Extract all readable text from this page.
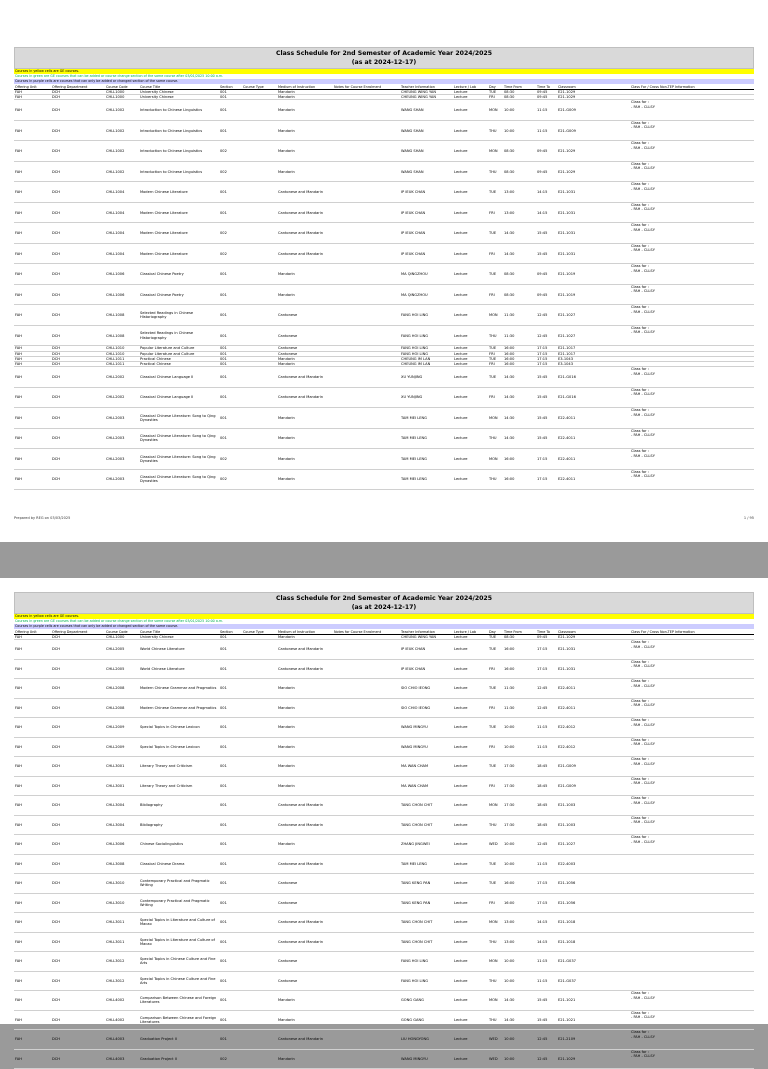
Class Schedule for 2nd Semester of Academic Year 2024/2025
(as at 2024-12-17)
Courses in yellow cells are GE courses.
Courses in green are GE courses that can be added or course change section of the same course after 03/01/2025 10:00 a.m.
Courses in purple cells are courses that can only be added or changed section of the same course.
Offering Unit	Offering Department	Course Code	Course Title	Section	Course Type	Medium of Instruction	Notes for Course Enrolment	Teacher Information	Lecture / Lab	Day	Time From	Time To	Classroom	Class For / Cross Non-TEP Information
FAH	DCH	CHLL1000	University Chinese	001		Mandarin		CHEUNG WING YAN	Lecture	TUE	08:30	09:45	E21-1029	
FAH	DCH	CHLL1000	University Chinese	001		Mandarin		CHEUNG WING YAN	Lecture	FRI	08:30	09:45	E21-1029	
FAH	DCH	CHLL1002	Introduction to Chinese Linguistics	001		Mandarin		WANG SHAN	Lecture	MON	10:00	11:15	E21-G009	Class for :
- FAH - CLLSY

FAH	DCH	CHLL1002	Introduction to Chinese Linguistics	001		Mandarin		WANG SHAN	Lecture	THU	10:00	11:15	E21-G009	Class for :
- FAH - CLLSY

FAH	DCH	CHLL1002	Introduction to Chinese Linguistics	002		Mandarin		WANG SHAN	Lecture	MON	08:30	09:45	E21-1029	Class for :
- FAH - CLLSY

FAH	DCH	CHLL1002	Introduction to Chinese Linguistics	002		Mandarin		WANG SHAN	Lecture	THU	08:30	09:45	E21-1029	Class for :
- FAH - CLLSY

FAH	DCH	CHLL1004	Modern Chinese Literature	001		Cantonese and Mandarin		IP IEUK CHAN	Lecture	TUE	13:00	14:15	E21-1031	Class for :
- FAH - CLLSY

FAH	DCH	CHLL1004	Modern Chinese Literature	001		Cantonese and Mandarin		IP IEUK CHAN	Lecture	FRI	13:00	14:15	E21-1031	Class for :
- FAH - CLLSY

FAH	DCH	CHLL1004	Modern Chinese Literature	002		Cantonese and Mandarin		IP IEUK CHAN	Lecture	TUE	14:30	15:45	E21-1031	Class for :
- FAH - CLLSY

FAH	DCH	CHLL1004	Modern Chinese Literature	002		Cantonese and Mandarin		IP IEUK CHAN	Lecture	FRI	14:30	15:45	E21-1031	Class for :
- FAH - CLLSY

FAH	DCH	CHLL1006	Classical Chinese Poetry	001		Mandarin		MA QINGZHOU	Lecture	TUE	08:30	09:45	E21-1019	Class for :
- FAH - CLLSY

FAH	DCH	CHLL1006	Classical Chinese Poetry	001		Mandarin		MA QINGZHOU	Lecture	FRI	08:30	09:45	E21-1019	Class for :
- FAH - CLLSY

FAH	DCH	CHLL1008	Selected Readings in Chinese Historiography	001		Cantonese		FANG HOI LING	Lecture	MON	11:30	12:45	E21-1027	Class for :
- FAH - CLLSY

FAH	DCH	CHLL1008	Selected Readings in Chinese Historiography	001		Cantonese		FANG HOI LING	Lecture	THU	11:30	12:45	E21-1027	Class for :
- FAH - CLLSY

FAH	DCH	CHLL1010	Popular Literature and Culture	001		Cantonese		FANG HOI LING	Lecture	TUE	16:00	17:15	E21-1017	
FAH	DCH	CHLL1010	Popular Literature and Culture	001		Cantonese		FANG HOI LING	Lecture	FRI	16:00	17:15	E21-1017	
FAH	DCH	CHLL1011	Practical Chinese	001		Mandarin		CHEUNG IM LAN	Lecture	TUE	16:00	17:15	E3-1043	
FAH	DCH	CHLL1011	Practical Chinese	001		Mandarin		CHEUNG IM LAN	Lecture	FRI	16:00	17:15	E3-1043	
FAH	DCH	CHLL2002	Classical Chinese Language II	001		Cantonese and Mandarin		XU YUNJING	Lecture	TUE	14:30	15:45	E21-G016	Class for :
- FAH - CLLSY

FAH	DCH	CHLL2002	Classical Chinese Language II	001		Cantonese and Mandarin		XU YUNJING	Lecture	FRI	14:30	15:45	E21-G016	Class for :
- FAH - CLLSY

FAH	DCH	CHLL2003	Classical Chinese Literature: Song to Qing Dynasties	001		Mandarin		TAM MEI LENG	Lecture	MON	14:30	15:45	E22-4011	Class for :
- FAH - CLLSY

FAH	DCH	CHLL2003	Classical Chinese Literature: Song to Qing Dynasties	001		Mandarin		TAM MEI LENG	Lecture	THU	14:30	15:45	E22-4011	Class for :
- FAH - CLLSY

FAH	DCH	CHLL2003	Classical Chinese Literature: Song to Qing Dynasties	002		Mandarin		TAM MEI LENG	Lecture	MON	16:00	17:15	E22-4011	Class for :
- FAH - CLLSY

FAH	DCH	CHLL2003	Classical Chinese Literature: Song to Qing Dynasties	002		Mandarin		TAM MEI LENG	Lecture	THU	16:00	17:15	E22-4011	Class for :
- FAH - CLLSY
Prepared by REG on 03/03/2025	1 / 95
Class Schedule for 2nd Semester of Academic Year 2024/2025
(as at 2024-12-17)
Courses in yellow cells are GE courses.
Courses in green are GE courses that can be added or course change section of the same course after 03/01/2025 10:00 a.m.
Courses in purple cells are courses that can only be added or changed section of the same course.
Offering Unit	Offering Department	Course Code	Course Title	Section	Course Type	Medium of Instruction	Notes for Course Enrolment	Teacher Information	Lecture / Lab	Day	Time From	Time To	Classroom	Class For / Cross Non-TEP Information
FAH	DCH	CHLL1000	University Chinese	001		Mandarin		CHEUNG WING YAN	Lecture	TUE	08:30	09:45	E21-1029	
FAH	DCH	CHLL2005	World Chinese Literature	001		Cantonese and Mandarin		IP IEUK CHAN	Lecture	TUE	16:00	17:15	E21-1031	Class for :
- FAH - CLLSY

FAH	DCH	CHLL2005	World Chinese Literature	001		Cantonese and Mandarin		IP IEUK CHAN	Lecture	FRI	16:00	17:15	E21-1031	Class for :
- FAH - CLLSY

FAH	DCH	CHLL2008	Modern Chinese Grammar and Pragmatics	001		Mandarin		SIO CHIO IEONG	Lecture	TUE	11:30	12:45	E22-4011	Class for :
- FAH - CLLSY

FAH	DCH	CHLL2008	Modern Chinese Grammar and Pragmatics	001		Mandarin		SIO CHIO IEONG	Lecture	FRI	11:30	12:45	E22-4011	Class for :
- FAH - CLLSY

FAH	DCH	CHLL2009	Special Topics in Chinese Lexicon	001		Mandarin		WANG MINGYU	Lecture	TUE	10:00	11:15	E22-4012	Class for :
- FAH - CLLSY

FAH	DCH	CHLL2009	Special Topics in Chinese Lexicon	001		Mandarin		WANG MINGYU	Lecture	FRI	10:00	11:15	E22-4012	Class for :
- FAH - CLLSY

FAH	DCH	CHLL3001	Literary Theory and Criticism	001		Mandarin		MA WAN CHAM	Lecture	TUE	17:30	18:45	E21-G009	Class for :
- FAH - CLLSY

FAH	DCH	CHLL3001	Literary Theory and Criticism	001		Mandarin		MA WAN CHAM	Lecture	FRI	17:30	18:45	E21-G009	Class for :
- FAH - CLLSY

FAH	DCH	CHLL3004	Bibliography	001		Cantonese and Mandarin		TANG CHON CHIT	Lecture	MON	17:30	18:45	E21-1003	Class for :
- FAH - CLLSY

FAH	DCH	CHLL3004	Bibliography	001		Cantonese and Mandarin		TANG CHON CHIT	Lecture	THU	17:30	18:45	E21-1003	Class for :
- FAH - CLLSY

FAH	DCH	CHLL3006	Chinese Sociolinguistics	001		Mandarin		ZHANG JINGWEI	Lecture	WED	10:00	12:45	E21-1027	Class for :
- FAH - CLLSY

FAH	DCH	CHLL3008	Classical Chinese Drama	001		Cantonese and Mandarin		TAM MEI LENG	Lecture	TUE	10:00	11:15	E22-4003	
FAH	DCH	CHLL3010	Contemporary Practical and Pragmatic Writing	001		Cantonese		TANG KENG PAN	Lecture	TUE	16:00	17:15	E21-1056	
FAH	DCH	CHLL3010	Contemporary Practical and Pragmatic Writing	001		Cantonese		TANG KENG PAN	Lecture	FRI	16:00	17:15	E21-1056	
FAH	DCH	CHLL3011	Special Topics in Literature and Culture of Macao	001		Cantonese and Mandarin		TANG CHON CHIT	Lecture	MON	13:00	14:15	E21-1018	
FAH	DCH	CHLL3011	Special Topics in Literature and Culture of Macao	001		Cantonese and Mandarin		TANG CHON CHIT	Lecture	THU	13:00	14:15	E21-1018	
FAH	DCH	CHLL3012	Special Topics in Chinese Culture and Fine Arts	001		Cantonese		FANG HOI LING	Lecture	MON	10:00	11:15	E21-G037	
FAH	DCH	CHLL3012	Special Topics in Chinese Culture and Fine Arts	001		Cantonese		FANG HOI LING	Lecture	THU	10:00	11:15	E21-G037	
FAH	DCH	CHLL4002	Comparison Between Chinese and Foreign Literatures	001		Mandarin		GONG GANG	Lecture	MON	14:30	15:45	E21-1021	Class for :
- FAH - CLLSY

FAH	DCH	CHLL4002	Comparison Between Chinese and Foreign Literatures	001		Mandarin		GONG GANG	Lecture	THU	14:30	15:45	E21-1021	Class for :
- FAH - CLLSY

FAH	DCH	CHLL4003	Graduation Project II	001		Cantonese and Mandarin		LIU HONGYONG	Lecture	WED	10:00	12:45	E21-2109	Class for :
- FAH - CLLSY

FAH	DCH	CHLL4003	Graduation Project II	002		Mandarin		WANG MINGYU	Lecture	WED	10:00	12:45	E21-1029	Class for :
- FAH - CLLSY
